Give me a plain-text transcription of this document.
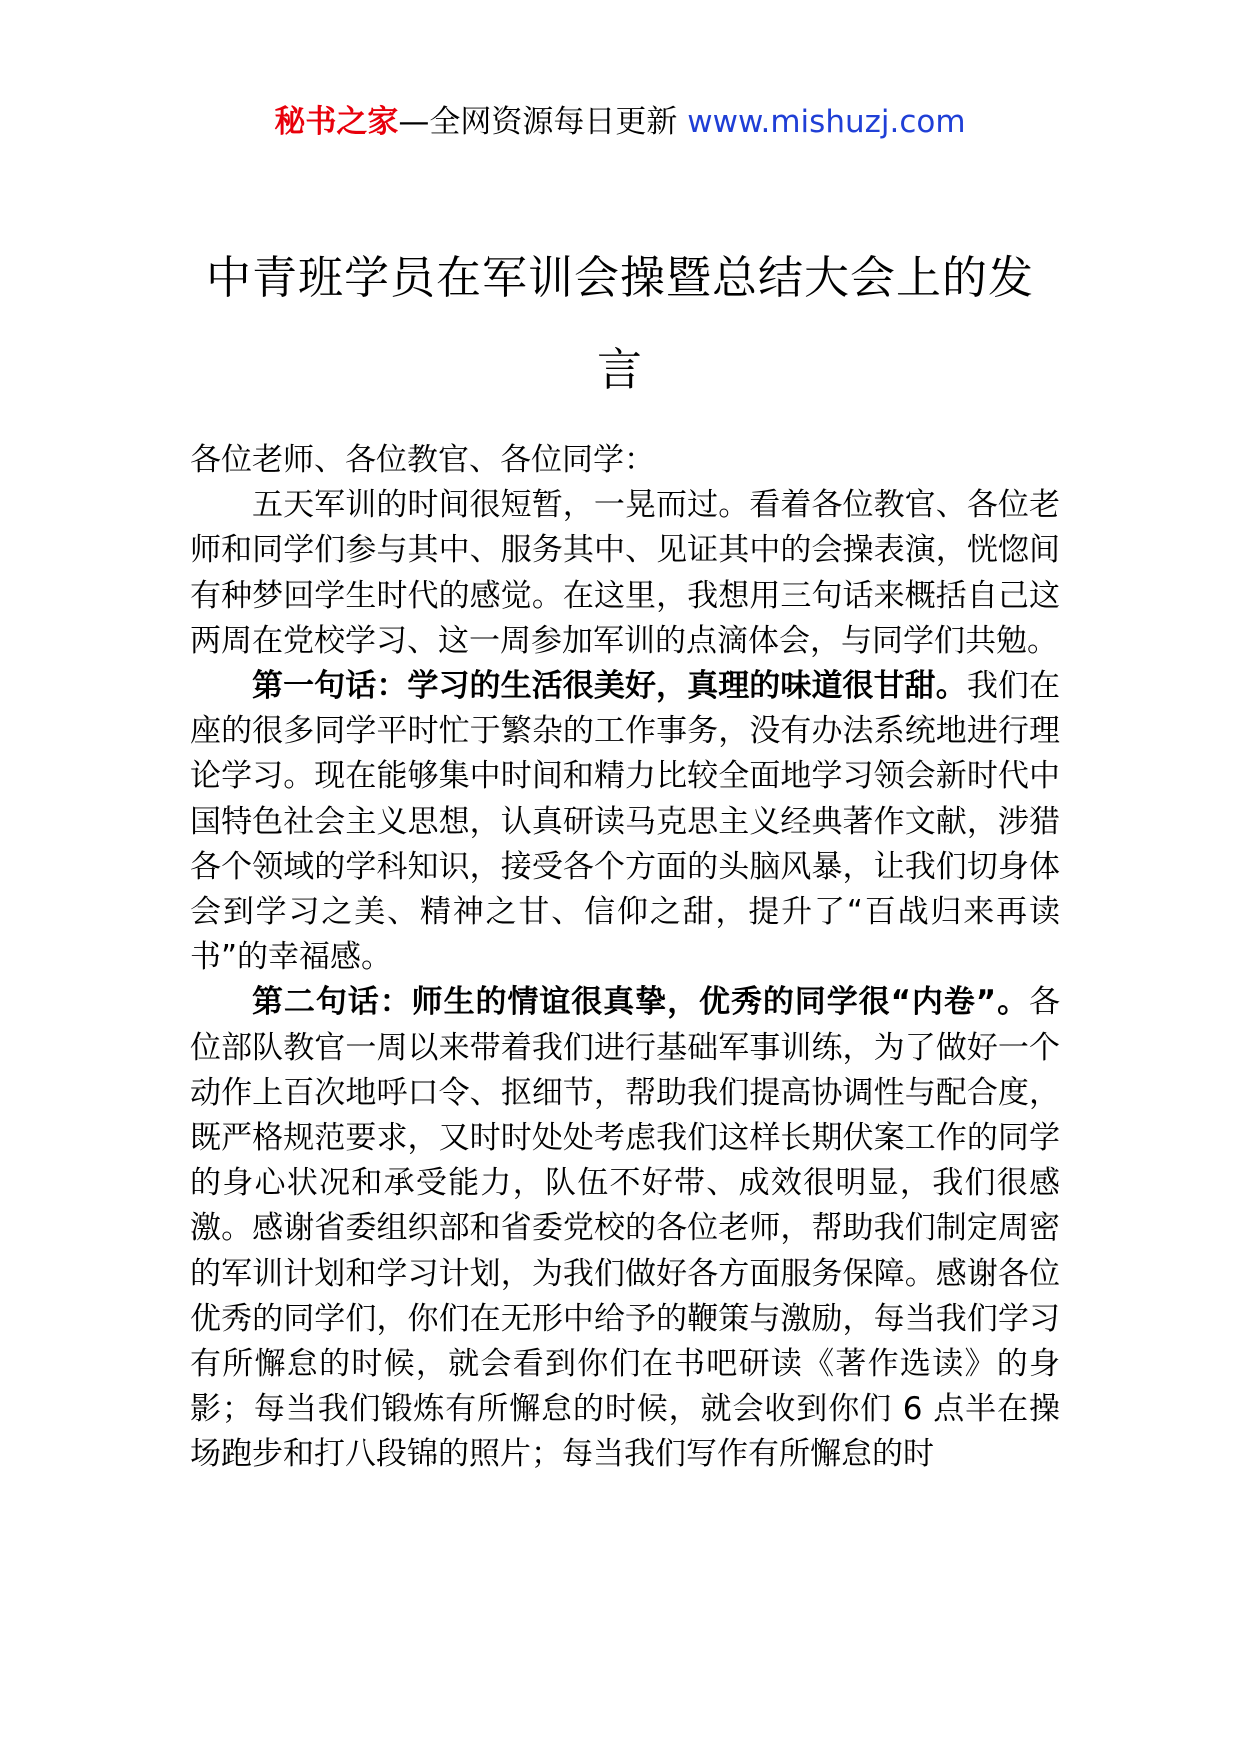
秘书之家—全网资源每日更新 www.mishuzj.com
中青班学员在军训会操暨总结大会上的发
言

各位老师、各位教官、各位同学：

五天军训的时间很短暂，一晃而过。看着各位教官、各位老师和同学们参与其中、服务其中、见证其中的会操表演，恍惚间有种梦回学生时代的感觉。在这里，我想用三句话来概括自己这两周在党校学习、这一周参加军训的点滴体会，与同学们共勉。

第一句话：学习的生活很美好，真理的味道很甘甜。我们在座的很多同学平时忙于繁杂的工作事务，没有办法系统地进行理论学习。现在能够集中时间和精力比较全面地学习领会新时代中国特色社会主义思想，认真研读马克思主义经典著作文献，涉猎各个领域的学科知识，接受各个方面的头脑风暴，让我们切身体会到学习之美、精神之甘、信仰之甜，提升了“百战归来再读书”的幸福感。

第二句话：师生的情谊很真挚，优秀的同学很“内卷”。各位部队教官一周以来带着我们进行基础军事训练，为了做好一个动作上百次地呼口令、抠细节，帮助我们提高协调性与配合度，既严格规范要求，又时时处处考虑我们这样长期伏案工作的同学的身心状况和承受能力，队伍不好带、成效很明显，我们很感激。感谢省委组织部和省委党校的各位老师，帮助我们制定周密的军训计划和学习计划，为我们做好各方面服务保障。感谢各位优秀的同学们，你们在无形中给予的鞭策与激励，每当我们学习有所懈怠的时候，就会看到你们在书吧研读《著作选读》的身影；每当我们锻炼有所懈怠的时候，就会收到你们 6 点半在操场跑步和打八段锦的照片；每当我们写作有所懈怠的时
